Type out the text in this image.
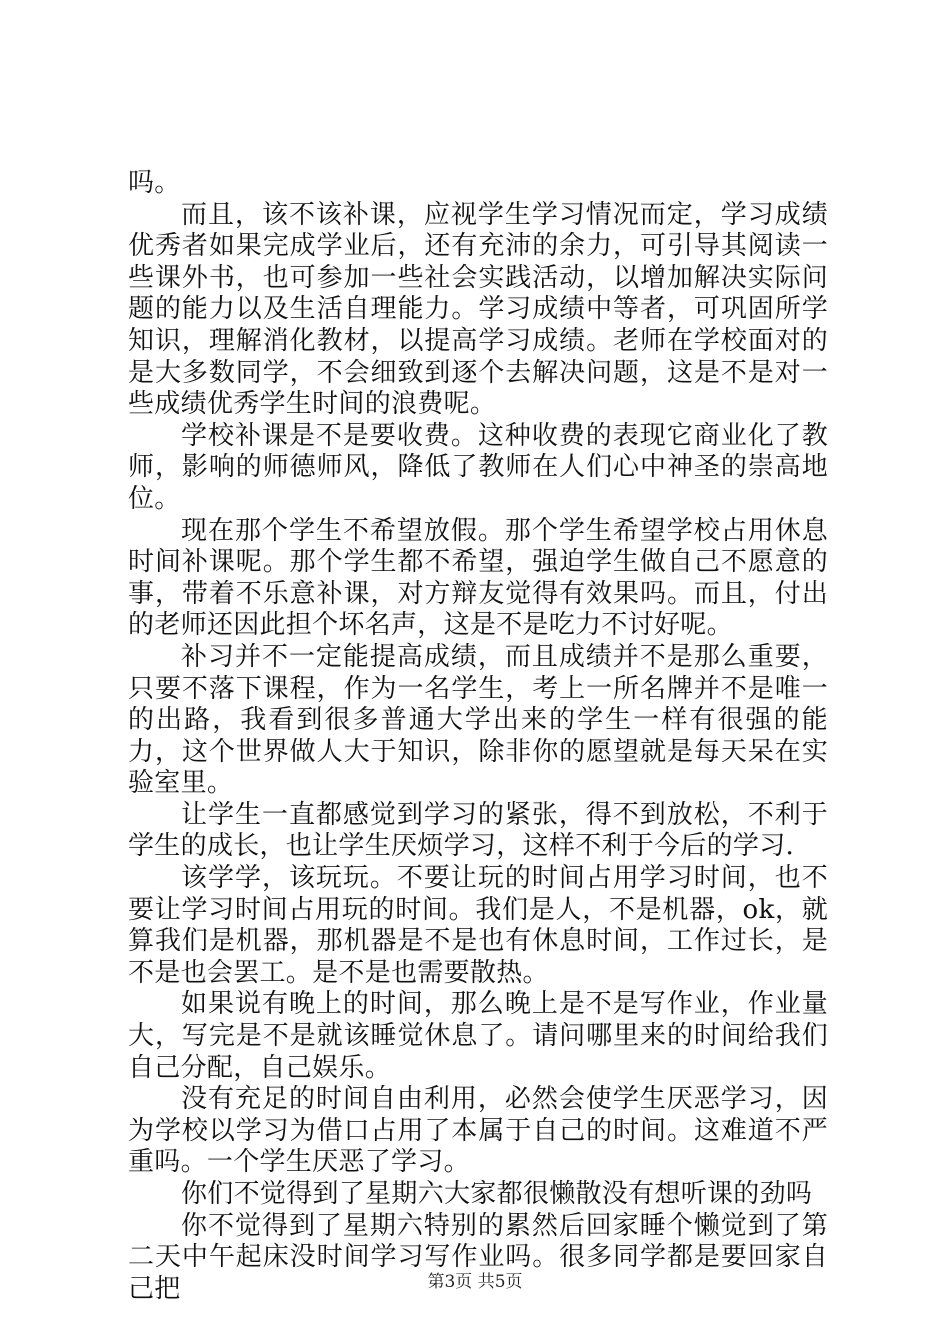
吗。

而且，该不该补课，应视学生学习情况而定，学习成绩优秀者如果完成学业后，还有充沛的余力，可引导其阅读一些课外书，也可参加一些社会实践活动，以增加解决实际问题的能力以及生活自理能力。学习成绩中等者，可巩固所学知识，理解消化教材，以提高学习成绩。老师在学校面对的是大多数同学，不会细致到逐个去解决问题，这是不是对一些成绩优秀学生时间的浪费呢。

学校补课是不是要收费。这种收费的表现它商业化了教师，影响的师德师风，降低了教师在人们心中神圣的崇高地位。

现在那个学生不希望放假。那个学生希望学校占用休息时间补课呢。那个学生都不希望，强迫学生做自己不愿意的事，带着不乐意补课，对方辩友觉得有效果吗。而且，付出的老师还因此担个坏名声，这是不是吃力不讨好呢。

补习并不一定能提高成绩，而且成绩并不是那么重要，只要不落下课程，作为一名学生，考上一所名牌并不是唯一的出路，我看到很多普通大学出来的学生一样有很强的能力，这个世界做人大于知识，除非你的愿望就是每天呆在实验室里。

让学生一直都感觉到学习的紧张，得不到放松，不利于学生的成长，也让学生厌烦学习，这样不利于今后的学习.

该学学，该玩玩。不要让玩的时间占用学习时间，也不要让学习时间占用玩的时间。我们是人，不是机器，ok，就算我们是机器，那机器是不是也有休息时间，工作过长，是不是也会罢工。是不是也需要散热。

如果说有晚上的时间，那么晚上是不是写作业，作业量大，写完是不是就该睡觉休息了。请问哪里来的时间给我们自己分配，自己娱乐。

没有充足的时间自由利用，必然会使学生厌恶学习，因为学校以学习为借口占用了本属于自己的时间。这难道不严重吗。一个学生厌恶了学习。

你们不觉得到了星期六大家都很懒散没有想听课的劲吗

你不觉得到了星期六特别的累然后回家睡个懒觉到了第二天中午起床没时间学习写作业吗。很多同学都是要回家自己把	第3页 共5页
